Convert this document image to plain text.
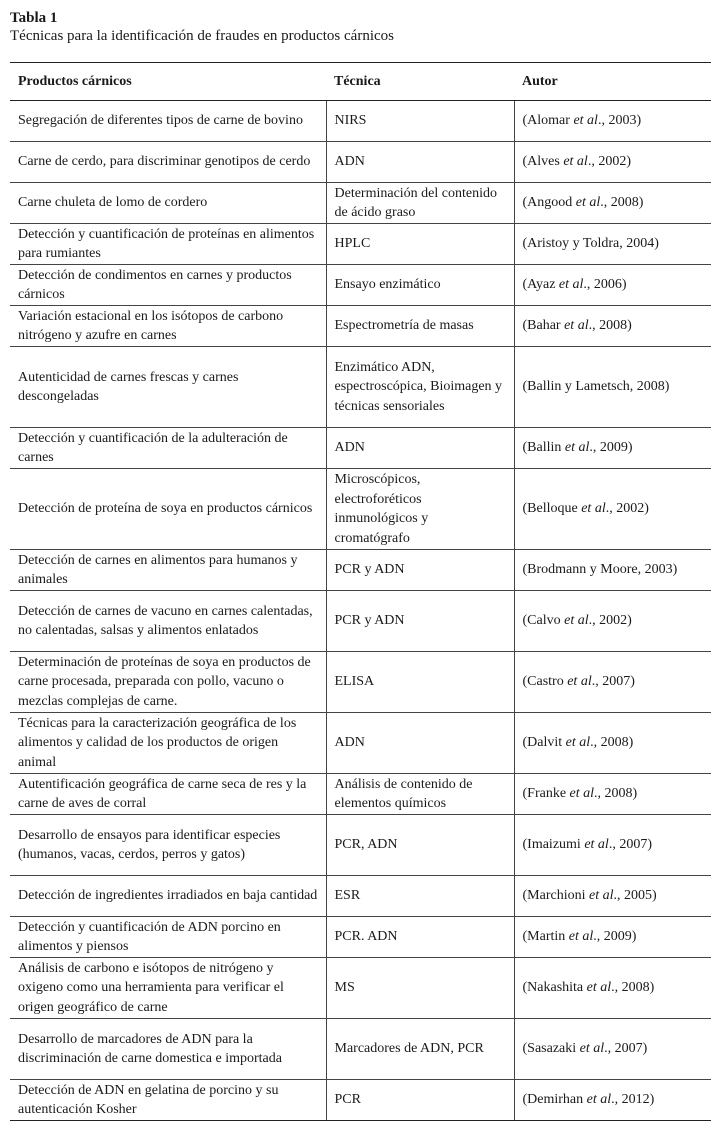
Tabla 1
Técnicas para la identificación de fraudes en productos cárnicos
Productos cárnicos	Técnica	Autor
Segregación de diferentes tipos de carne de bovino	NIRS	(Alomar et al., 2003)
Carne de cerdo, para discriminar genotipos de cerdo	ADN	(Alves et al., 2002)
Carne chuleta de lomo de cordero	Determinación del contenido de ácido graso	(Angood et al., 2008)
Detección y cuantificación de proteínas en alimentos para rumiantes	HPLC	(Aristoy y Toldra, 2004)
Detección de condimentos en carnes y productos cárnicos	Ensayo enzimático	(Ayaz et al., 2006)
Variación estacional en los isótopos de carbono nitrógeno y azufre en carnes	Espectrometría de masas	(Bahar et al., 2008)
Autenticidad de carnes frescas y carnes descongeladas	Enzimático ADN, espectroscópica, Bioimagen y técnicas sensoriales	(Ballin y Lametsch, 2008)
Detección y cuantificación de la adulteración de carnes	ADN	(Ballin et al., 2009)
Detección de proteína de soya en productos cárnicos	Microscópicos, electroforéticos inmunológicos y cromatógrafo	(Belloque et al., 2002)
Detección de carnes en alimentos para humanos y animales	PCR y ADN	(Brodmann y Moore, 2003)
Detección de carnes de vacuno en carnes calentadas, no calentadas, salsas y alimentos enlatados	PCR y ADN	(Calvo et al., 2002)
Determinación de proteínas de soya en productos de carne procesada, preparada con pollo, vacuno o mezclas complejas de carne.	ELISA	(Castro et al., 2007)
Técnicas para la caracterización geográfica de los alimentos y calidad de los productos de origen animal	ADN	(Dalvit et al., 2008)
Autentificación geográfica de carne seca de res y la carne de aves de corral	Análisis de contenido de elementos químicos	(Franke et al., 2008)
Desarrollo de ensayos para identificar especies (humanos, vacas, cerdos, perros y gatos)	PCR, ADN	(Imaizumi et al., 2007)
Detección de ingredientes irradiados en baja cantidad	ESR	(Marchioni et al., 2005)
Detección y cuantificación de ADN porcino en alimentos y piensos	PCR. ADN	(Martin et al., 2009)
Análisis de carbono e isótopos de nitrógeno y oxigeno como una herramienta para verificar el origen geográfico de carne	MS	(Nakashita et al., 2008)
Desarrollo de marcadores de ADN para la discriminación de carne domestica e importada	Marcadores de ADN, PCR	(Sasazaki et al., 2007)
Detección de ADN en gelatina de porcino y su autenticación Kosher	PCR	(Demirhan et al., 2012)
